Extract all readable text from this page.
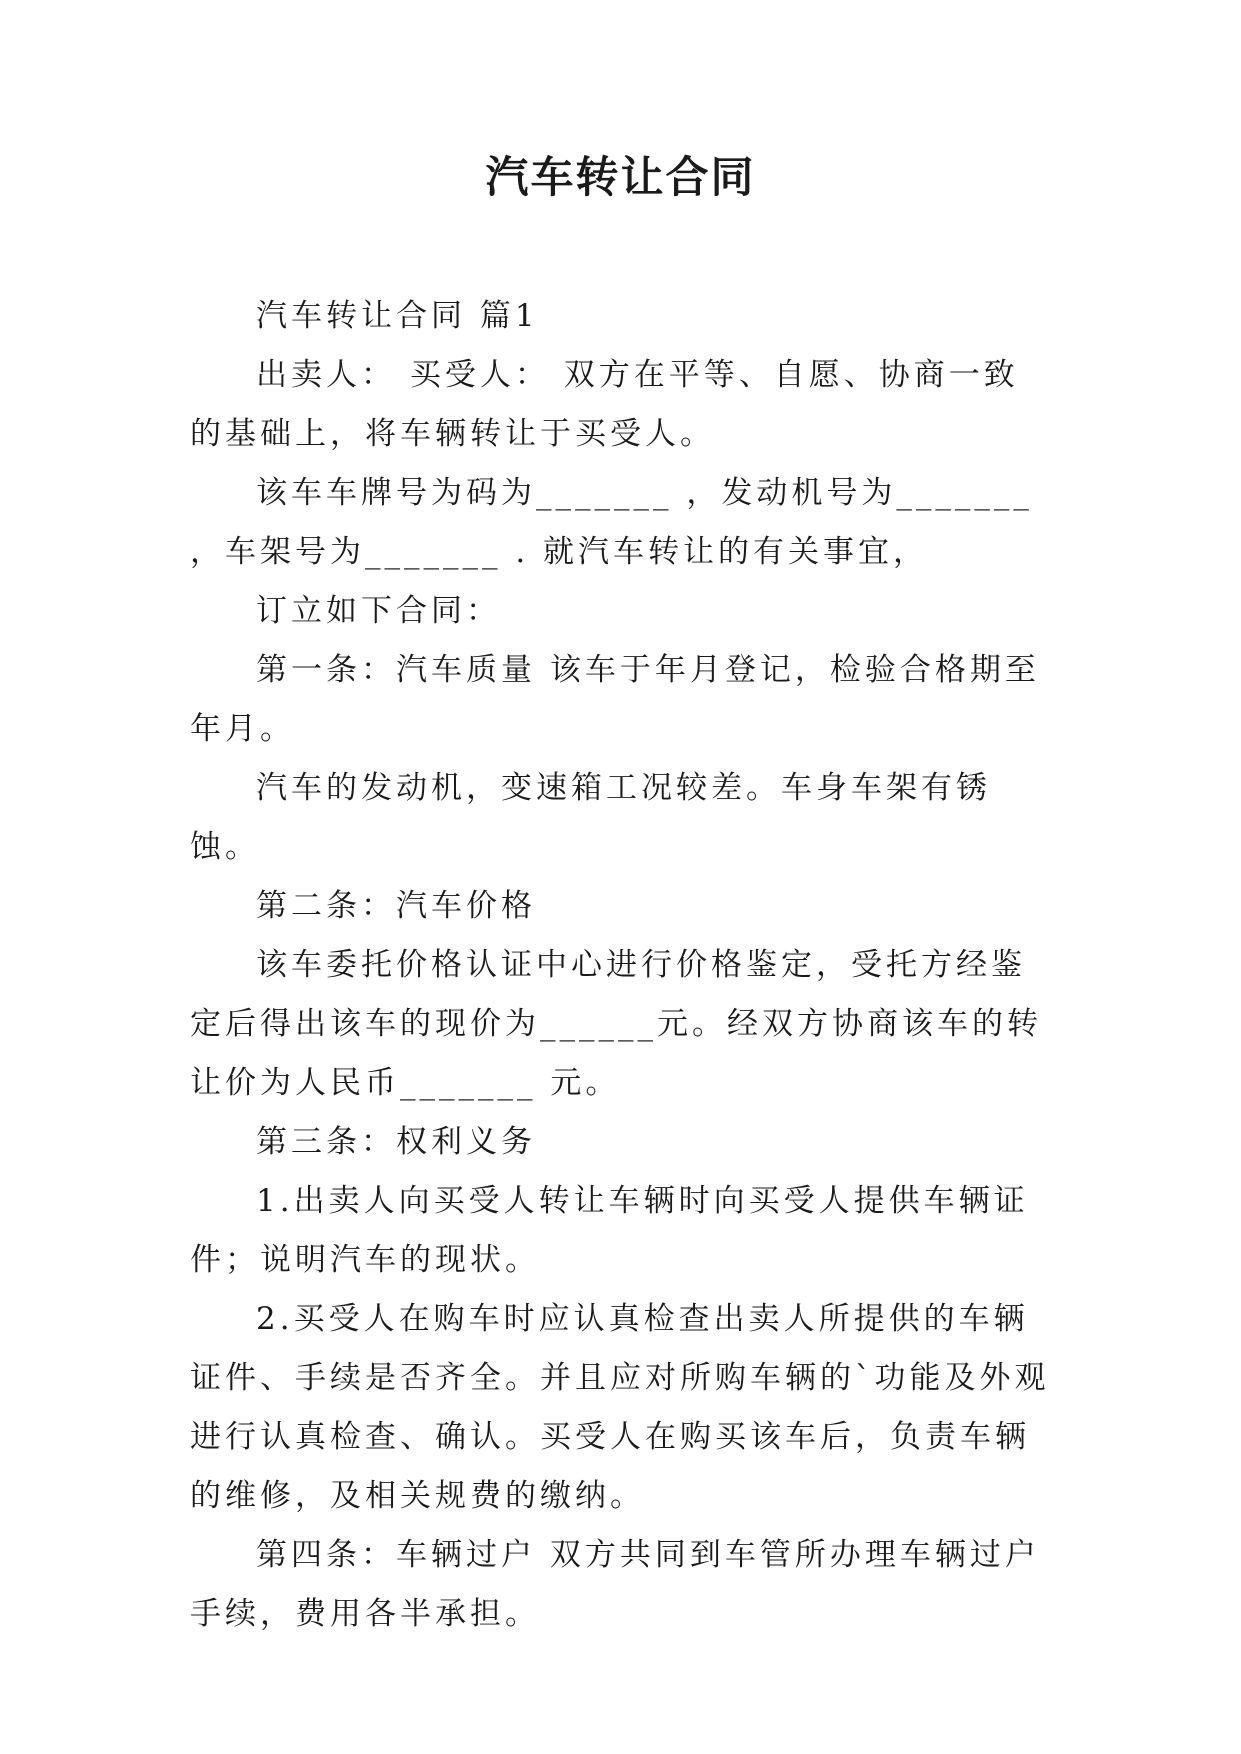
汽车转让合同

汽车转让合同 篇1

出卖人： 买受人： 双方在平等、自愿、协商一致的基础上，将车辆转让于买受人。

该车车牌号为码为_______ ，发动机号为_______ ，车架号为_______ . 就汽车转让的有关事宜，

订立如下合同：

第一条：汽车质量 该车于年月登记，检验合格期至年月。

汽车的发动机，变速箱工况较差。车身车架有锈蚀。

第二条：汽车价格

该车委托价格认证中心进行价格鉴定，受托方经鉴定后得出该车的现价为______元。经双方协商该车的转让价为人民币_______ 元。

第三条：权利义务

1.出卖人向买受人转让车辆时向买受人提供车辆证件；说明汽车的现状。

2.买受人在购车时应认真检查出卖人所提供的车辆证件、手续是否齐全。并且应对所购车辆的`功能及外观进行认真检查、确认。买受人在购买该车后，负责车辆的维修，及相关规费的缴纳。

第四条：车辆过户 双方共同到车管所办理车辆过户手续，费用各半承担。
